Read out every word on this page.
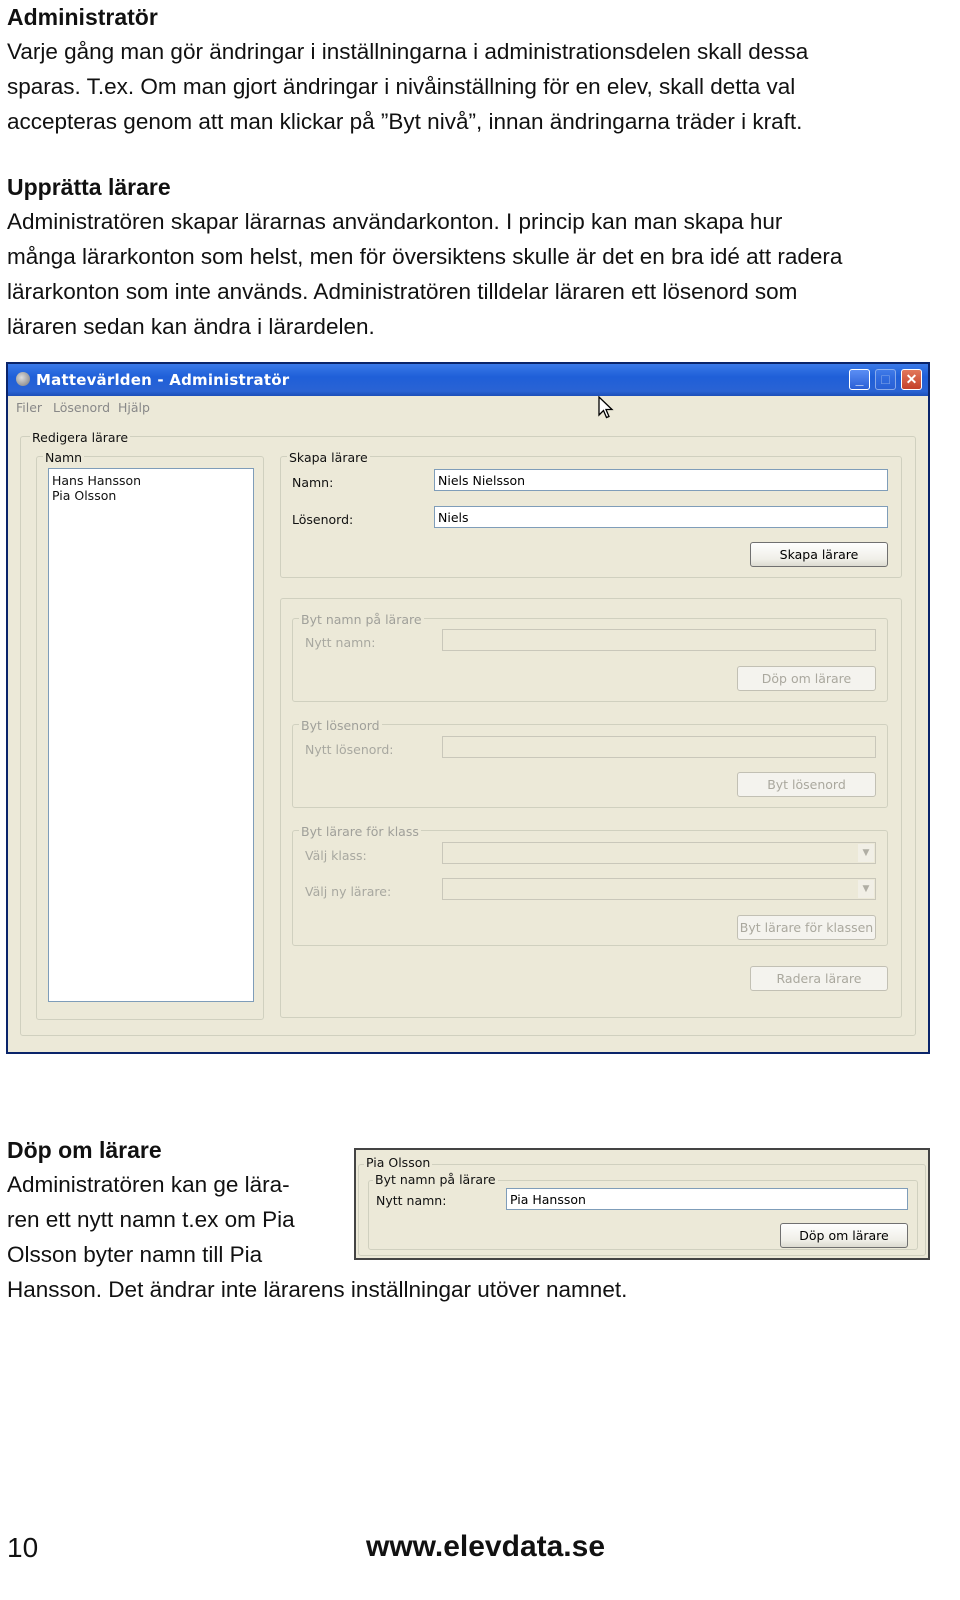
Administratör

Varje gång man gör ändringar i inställningarna i administrationsdelen skall dessa

sparas. T.ex. Om man gjort ändringar i nivåinställning för en elev, skall detta val

accepteras genom att man klickar på ”Byt nivå”, innan ändringarna träder i kraft.

Upprätta lärare

Administratören skapar lärarnas användarkonton. I princip kan man skapa hur

många lärarkonton som helst, men för översiktens skulle är det en bra idé att radera

lärarkonton som inte används. Administratören tilldelar läraren ett lösenord som

läraren sedan kan ändra i lärardelen.

Mattevärlden - Administratör	_	□	✕
Filer Lösenord Hjälp
Redigera lärare
Namn
Hans Hansson
Pia Olsson
Skapa lärare
Namn:	Niels Nielsson
Lösenord:	Niels
Skapa lärare
Byt namn på lärare
Nytt namn:
Döp om lärare
Byt lösenord
Nytt lösenord:
Byt lösenord
Byt lärare för klass
Välj klass:	▼
Välj ny lärare:	▼
Byt lärare för klassen
Radera lärare

Döp om lärare

Administratören kan ge lära-

ren ett nytt namn t.ex om Pia

Olsson byter namn till Pia

Hansson. Det ändrar inte lärarens inställningar utöver namnet.

Pia Olsson
Byt namn på lärare
Nytt namn:	Pia Hansson
Döp om lärare
10	www.elevdata.se
